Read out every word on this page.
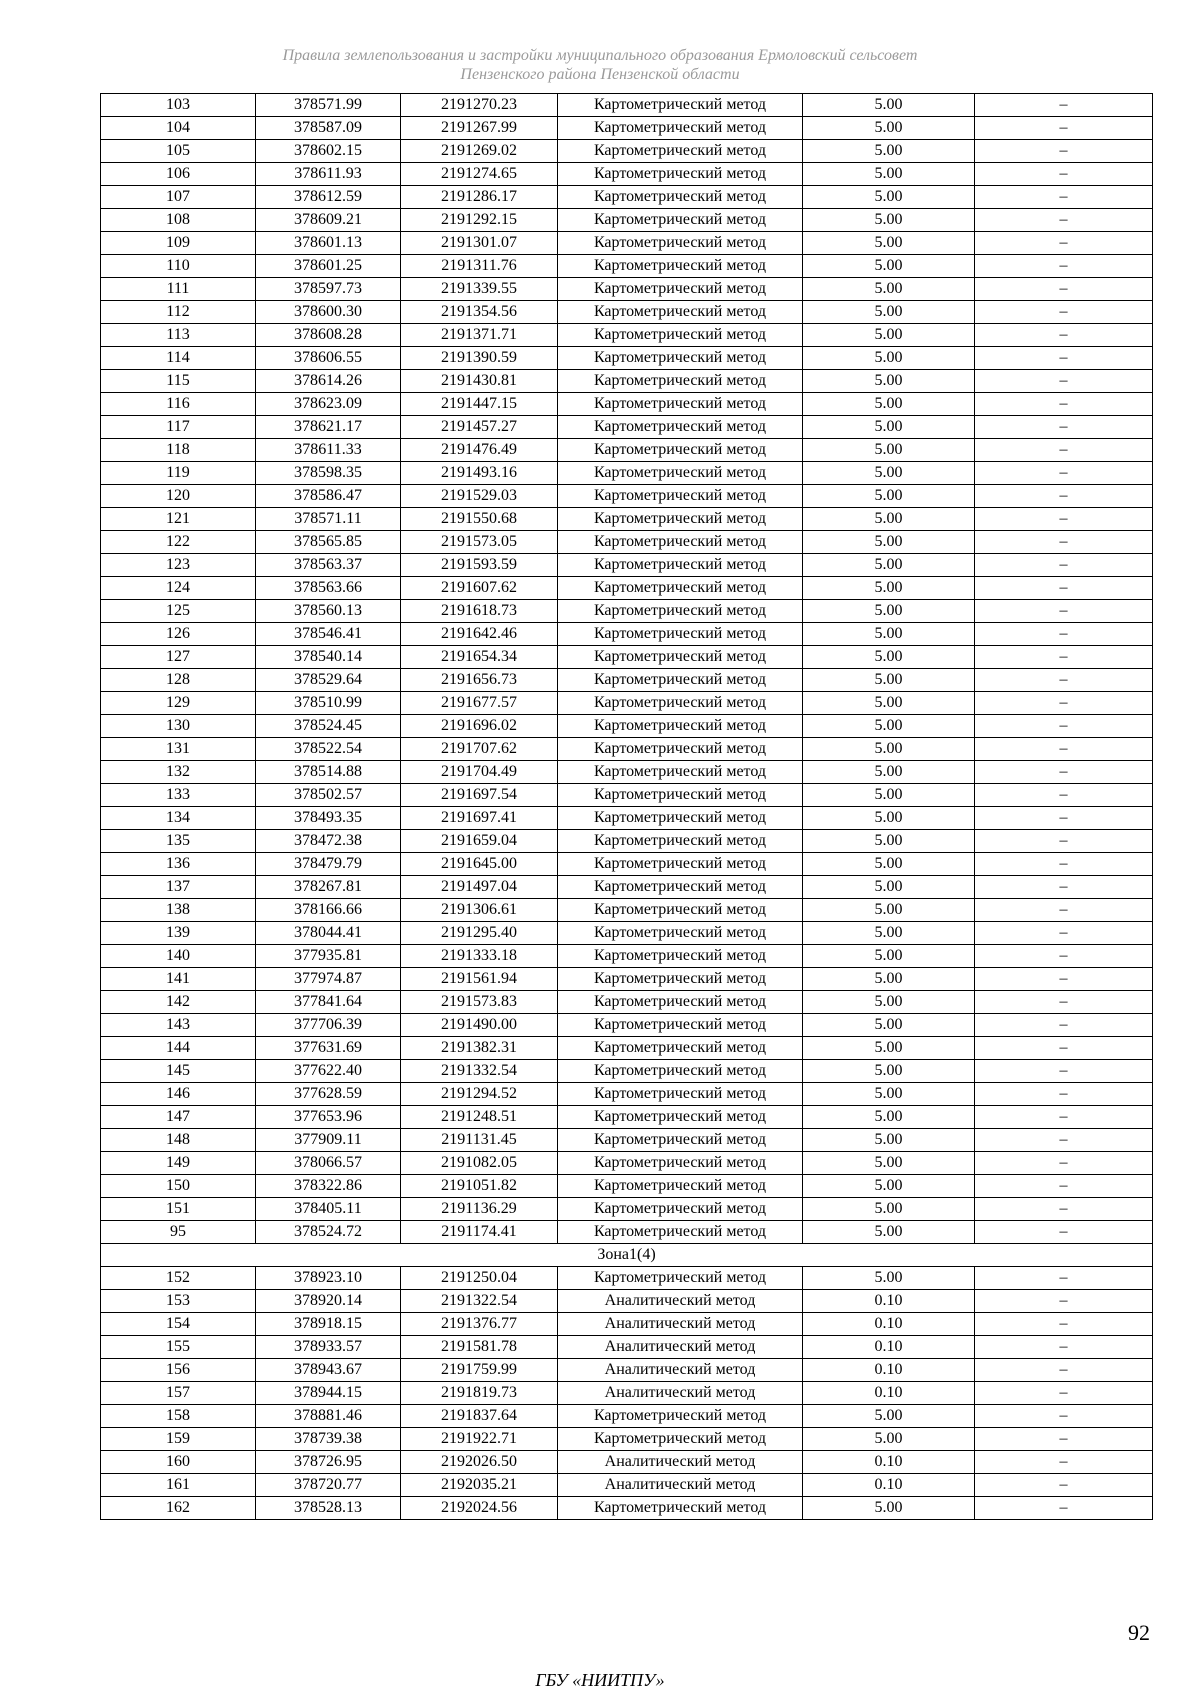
Правила землепользования и застройки муниципального образования Ермоловский сельсовет
Пензенского района Пензенской области
103	378571.99	2191270.23	Картометрический метод	5.00	–
104	378587.09	2191267.99	Картометрический метод	5.00	–
105	378602.15	2191269.02	Картометрический метод	5.00	–
106	378611.93	2191274.65	Картометрический метод	5.00	–
107	378612.59	2191286.17	Картометрический метод	5.00	–
108	378609.21	2191292.15	Картометрический метод	5.00	–
109	378601.13	2191301.07	Картометрический метод	5.00	–
110	378601.25	2191311.76	Картометрический метод	5.00	–
111	378597.73	2191339.55	Картометрический метод	5.00	–
112	378600.30	2191354.56	Картометрический метод	5.00	–
113	378608.28	2191371.71	Картометрический метод	5.00	–
114	378606.55	2191390.59	Картометрический метод	5.00	–
115	378614.26	2191430.81	Картометрический метод	5.00	–
116	378623.09	2191447.15	Картометрический метод	5.00	–
117	378621.17	2191457.27	Картометрический метод	5.00	–
118	378611.33	2191476.49	Картометрический метод	5.00	–
119	378598.35	2191493.16	Картометрический метод	5.00	–
120	378586.47	2191529.03	Картометрический метод	5.00	–
121	378571.11	2191550.68	Картометрический метод	5.00	–
122	378565.85	2191573.05	Картометрический метод	5.00	–
123	378563.37	2191593.59	Картометрический метод	5.00	–
124	378563.66	2191607.62	Картометрический метод	5.00	–
125	378560.13	2191618.73	Картометрический метод	5.00	–
126	378546.41	2191642.46	Картометрический метод	5.00	–
127	378540.14	2191654.34	Картометрический метод	5.00	–
128	378529.64	2191656.73	Картометрический метод	5.00	–
129	378510.99	2191677.57	Картометрический метод	5.00	–
130	378524.45	2191696.02	Картометрический метод	5.00	–
131	378522.54	2191707.62	Картометрический метод	5.00	–
132	378514.88	2191704.49	Картометрический метод	5.00	–
133	378502.57	2191697.54	Картометрический метод	5.00	–
134	378493.35	2191697.41	Картометрический метод	5.00	–
135	378472.38	2191659.04	Картометрический метод	5.00	–
136	378479.79	2191645.00	Картометрический метод	5.00	–
137	378267.81	2191497.04	Картометрический метод	5.00	–
138	378166.66	2191306.61	Картометрический метод	5.00	–
139	378044.41	2191295.40	Картометрический метод	5.00	–
140	377935.81	2191333.18	Картометрический метод	5.00	–
141	377974.87	2191561.94	Картометрический метод	5.00	–
142	377841.64	2191573.83	Картометрический метод	5.00	–
143	377706.39	2191490.00	Картометрический метод	5.00	–
144	377631.69	2191382.31	Картометрический метод	5.00	–
145	377622.40	2191332.54	Картометрический метод	5.00	–
146	377628.59	2191294.52	Картометрический метод	5.00	–
147	377653.96	2191248.51	Картометрический метод	5.00	–
148	377909.11	2191131.45	Картометрический метод	5.00	–
149	378066.57	2191082.05	Картометрический метод	5.00	–
150	378322.86	2191051.82	Картометрический метод	5.00	–
151	378405.11	2191136.29	Картометрический метод	5.00	–
95	378524.72	2191174.41	Картометрический метод	5.00	–
Зона1(4)					
152	378923.10	2191250.04	Картометрический метод	5.00	–
153	378920.14	2191322.54	Аналитический метод	0.10	–
154	378918.15	2191376.77	Аналитический метод	0.10	–
155	378933.57	2191581.78	Аналитический метод	0.10	–
156	378943.67	2191759.99	Аналитический метод	0.10	–
157	378944.15	2191819.73	Аналитический метод	0.10	–
158	378881.46	2191837.64	Картометрический метод	5.00	–
159	378739.38	2191922.71	Картометрический метод	5.00	–
160	378726.95	2192026.50	Аналитический метод	0.10	–
161	378720.77	2192035.21	Аналитический метод	0.10	–
162	378528.13	2192024.56	Картометрический метод	5.00	–
92
ГБУ «НИИТПУ»
